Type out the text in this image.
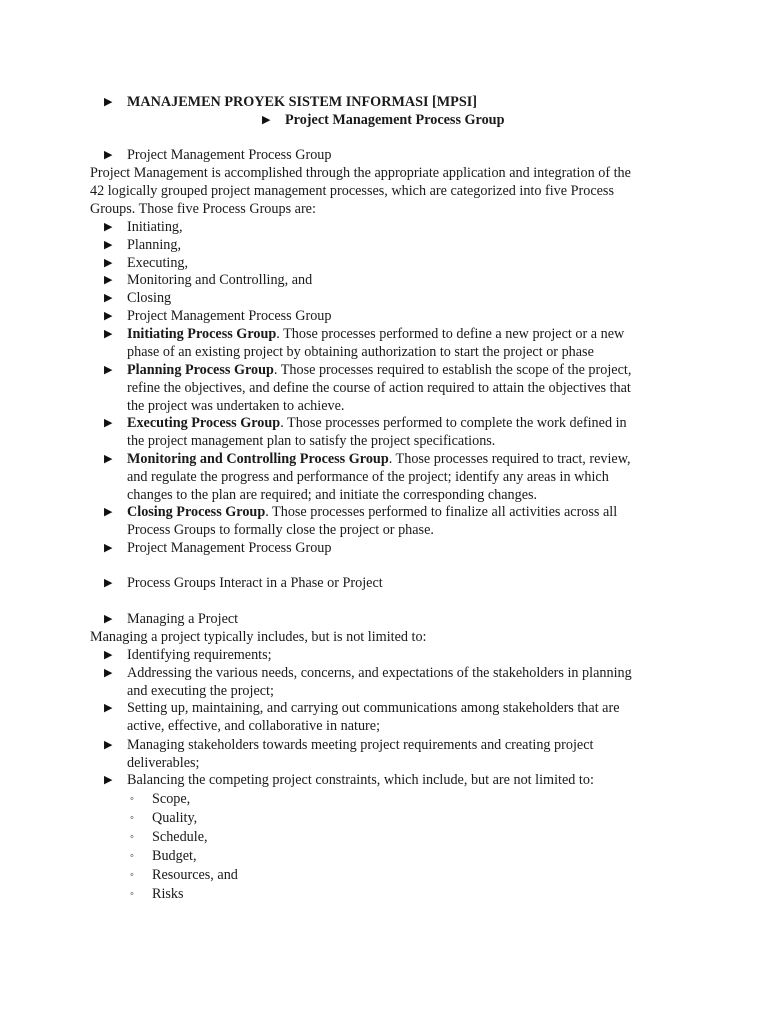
▶ MANAJEMEN PROYEK SISTEM INFORMASI [MPSI]
▶ Project Management Process Group
▶ Project Management Process Group
Project Management is accomplished through the appropriate application and integration of the
42 logically grouped project management processes, which are categorized into five Process
Groups. Those five Process Groups are:
▶ Initiating,
▶ Planning,
▶ Executing,
▶ Monitoring and Controlling, and
▶ Closing
▶ Project Management Process Group
▶ Initiating Process Group. Those processes performed to define a new project or a new
phase of an existing project by obtaining authorization to start the project or phase
▶ Planning Process Group. Those processes required to establish the scope of the project,
refine the objectives, and define the course of action required to attain the objectives that
the project was undertaken to achieve.
▶ Executing Process Group. Those processes performed to complete the work defined in
the project management plan to satisfy the project specifications.
▶ Monitoring and Controlling Process Group. Those processes required to tract, review,
and regulate the progress and performance of the project; identify any areas in which
changes to the plan are required; and initiate the corresponding changes.
▶ Closing Process Group. Those processes performed to finalize all activities across all
Process Groups to formally close the project or phase.
▶ Project Management Process Group
▶ Process Groups Interact in a Phase or Project
▶ Managing a Project
Managing a project typically includes, but is not limited to:
▶ Identifying requirements;
▶ Addressing the various needs, concerns, and expectations of the stakeholders in planning
and executing the project;
▶ Setting up, maintaining, and carrying out communications among stakeholders that are
active, effective, and collaborative in nature;
▶ Managing stakeholders towards meeting project requirements and creating project
deliverables;
▶ Balancing the competing project constraints, which include, but are not limited to:
◦ Scope,
◦ Quality,
◦ Schedule,
◦ Budget,
◦ Resources, and
◦ Risks
